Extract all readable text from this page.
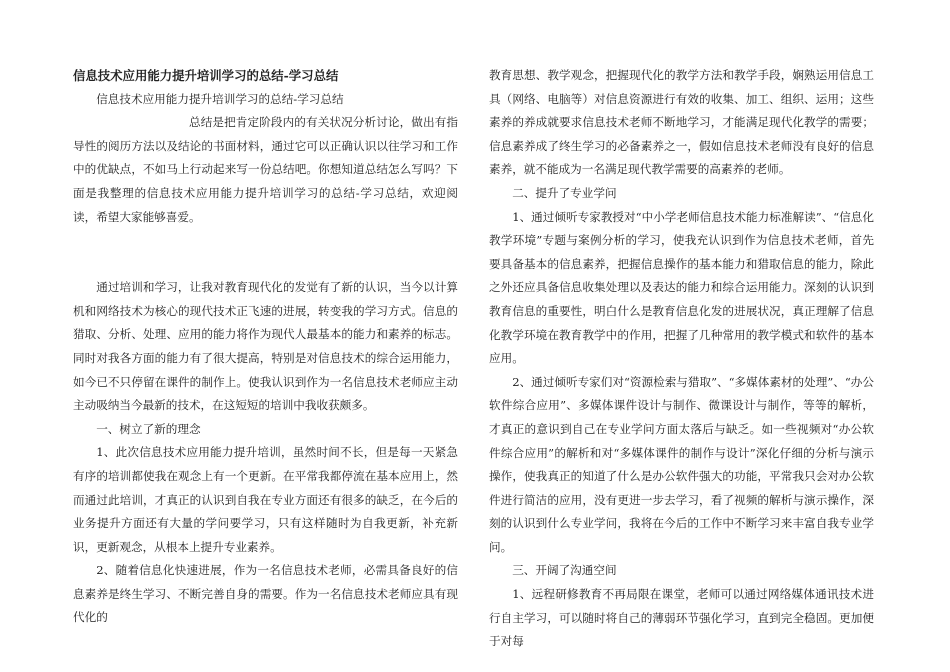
信息技术应用能力提升培训学习的总结-学习总结

信息技术应用能力提升培训学习的总结-学习总结

总结是把肯定阶段内的有关状况分析讨论，做出有指导性的阅历方法以及结论的书面材料，通过它可以正确认识以往学习和工作中的优缺点，不如马上行动起来写一份总结吧。你想知道总结怎么写吗？下面是我整理的信息技术应用能力提升培训学习的总结-学习总结，欢迎阅读，希望大家能够喜爱。

通过培训和学习，让我对教育现代化的发觉有了新的认识，当今以计算机和网络技术为核心的现代技术正飞速的进展，转变我的学习方式。信息的猎取、分析、处理、应用的能力将作为现代人最基本的能力和素养的标志。同时对我各方面的能力有了很大提高，特别是对信息技术的综合运用能力，如今已不只停留在课件的制作上。使我认识到作为一名信息技术老师应主动主动吸纳当今最新的技术，在这短短的培训中我收获颇多。

一、树立了新的理念

1、此次信息技术应用能力提升培训，虽然时间不长，但是每一天紧急有序的培训都使我在观念上有一个更新。在平常我都停流在基本应用上，然而通过此培训，才真正的认识到自我在专业方面还有很多的缺乏，在今后的业务提升方面还有大量的学问要学习，只有这样随时为自我更新，补充新识，更新观念，从根本上提升专业素养。

2、随着信息化快速进展，作为一名信息技术老师，必需具备良好的信息素养是终生学习、不断完善自身的需要。作为一名信息技术老师应具有现代化的

教育思想、教学观念，把握现代化的教学方法和教学手段，娴熟运用信息工具（网络、电脑等）对信息资源进行有效的收集、加工、组织、运用；这些素养的养成就要求信息技术老师不断地学习，才能满足现代化教学的需要；信息素养成了终生学习的必备素养之一，假如信息技术老师没有良好的信息素养，就不能成为一名满足现代教学需要的高素养的老师。

二、提升了专业学问

1、通过倾听专家教授对“中小学老师信息技术能力标准解读”、“信息化教学环境”专题与案例分析的学习，使我充认识到作为信息技术老师，首先要具备基本的信息素养，把握信息操作的基本能力和猎取信息的能力，除此之外还应具备信息收集处理以及表达的能力和综合运用能力。深刻的认识到教育信息的重要性，明白什么是教育信息化发的进展状况，真正理解了信息化教学环境在教育教学中的作用，把握了几种常用的教学模式和软件的基本应用。

2、通过倾听专家们对“资源检索与猎取”、“多媒体素材的处理”、“办公软件综合应用”、多媒体课件设计与制作、微课设计与制作，等等的解析，才真正的意识到自己在专业学问方面太落后与缺乏。如一些视频对“办公软件综合应用”的解析和对“多媒体课件的制作与设计”深化仔细的分析与演示操作，使我真正的知道了什么是办公软件强大的功能，平常我只会对办公软件进行简洁的应用，没有更进一步去学习，看了视频的解析与演示操作，深刻的认识到什么专业学问，我将在今后的工作中不断学习来丰富自我专业学问。

三、开阔了沟通空间

1、远程研修教育不再局限在课堂，老师可以通过网络媒体通讯技术进行自主学习，可以随时将自己的薄弱环节强化学习，直到完全稳固。更加便于对每
